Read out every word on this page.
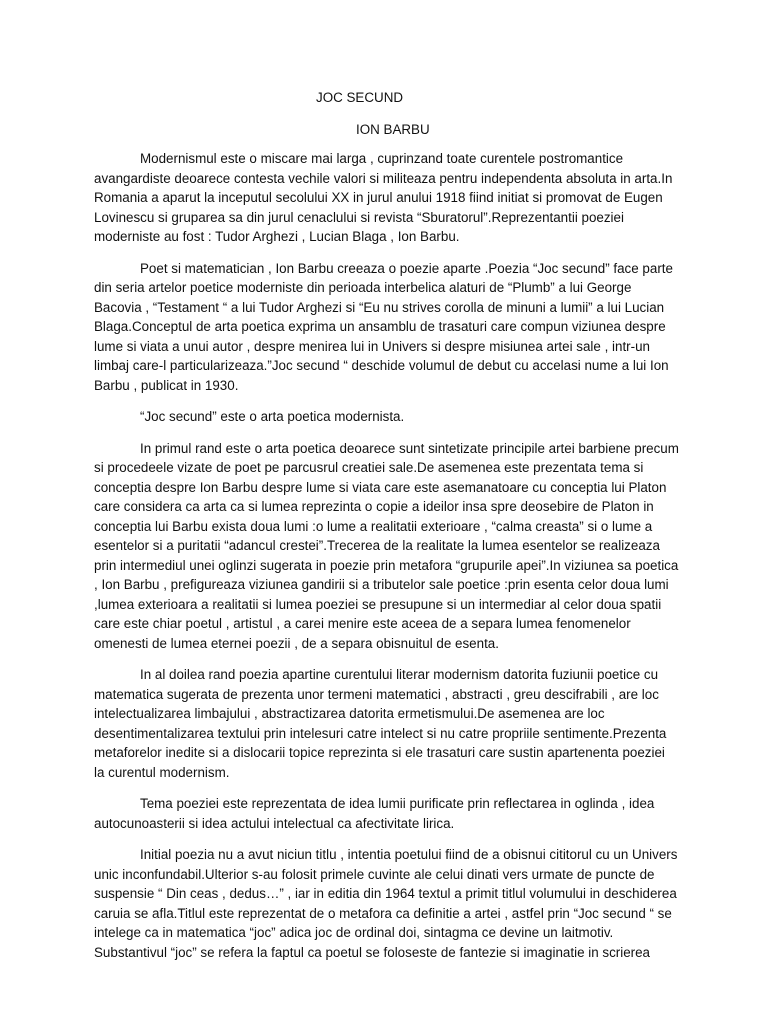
JOC SECUND
ION BARBU

Modernismul este o miscare mai larga , cuprinzand toate curentele postromantice avangardiste deoarece contesta vechile valori si militeaza pentru independenta absoluta in arta.In Romania a aparut la inceputul secolului XX in jurul anului 1918 fiind initiat si promovat de Eugen Lovinescu si gruparea sa din jurul cenaclului si revista “Sburatorul”.Reprezentantii poeziei moderniste au fost : Tudor Arghezi , Lucian Blaga , Ion Barbu.

Poet si matematician , Ion Barbu creeaza o poezie aparte .Poezia “Joc secund” face parte din seria artelor poetice moderniste din perioada interbelica alaturi de “Plumb” a lui George Bacovia , “Testament “ a lui Tudor Arghezi si “Eu nu strives corolla de minuni a lumii” a lui Lucian Blaga.Conceptul de arta poetica exprima un ansamblu de trasaturi care compun viziunea despre lume si viata a unui autor , despre menirea lui in Univers si despre misiunea artei sale , intr-un limbaj care-l particularizeaza.”Joc secund “ deschide volumul de debut cu accelasi nume a lui Ion Barbu , publicat in 1930.

“Joc secund” este o arta poetica modernista.

In primul rand este o arta poetica deoarece sunt sintetizate principile artei barbiene precum si procedeele vizate de poet pe parcusrul creatiei sale.De asemenea este prezentata tema si conceptia despre Ion Barbu despre lume si viata care este asemanatoare cu conceptia lui Platon care considera ca arta ca si lumea reprezinta o copie a ideilor insa spre deosebire de Platon in conceptia lui Barbu exista doua lumi :o lume a realitatii exterioare , “calma creasta” si o lume a esentelor si a puritatii “adancul crestei”.Trecerea de la realitate la lumea esentelor se realizeaza prin intermediul unei oglinzi sugerata in poezie prin metafora “grupurile apei”.In viziunea sa poetica , Ion Barbu , prefigureaza viziunea gandirii si a tributelor sale poetice :prin esenta celor doua lumi ,lumea exterioara a realitatii si lumea poeziei se presupune si un intermediar al celor doua spatii care este chiar poetul , artistul , a carei menire este aceea de a separa lumea fenomenelor omenesti de lumea eternei poezii , de a separa obisnuitul de esenta.

In al doilea rand poezia apartine curentului literar modernism datorita fuziunii poetice cu matematica sugerata de prezenta unor termeni matematici , abstracti , greu descifrabili , are loc intelectualizarea limbajului , abstractizarea datorita ermetismului.De asemenea are loc desentimentalizarea textului prin intelesuri catre intelect si nu catre propriile sentimente.Prezenta metaforelor inedite si a dislocarii topice reprezinta si ele trasaturi care sustin apartenenta poeziei la curentul modernism.

Tema poeziei este reprezentata de idea lumii purificate prin reflectarea in oglinda , idea autocunoasterii si idea actului intelectual ca afectivitate lirica.

Initial poezia nu a avut niciun titlu , intentia poetului fiind de a obisnui cititorul cu un Univers unic inconfundabil.Ulterior s-au folosit primele cuvinte ale celui dinati vers urmate de puncte de suspensie “ Din ceas , dedus…” , iar in editia din 1964 textul a primit titlul volumului in deschiderea caruia se afla.Titlul este reprezentat de o metafora ca definitie a artei , astfel prin “Joc secund “ se intelege ca in matematica “joc” adica joc de ordinal doi, sintagma ce devine un laitmotiv. Substantivul “joc” se refera la faptul ca poetul se foloseste de fantezie si imaginatie in scrierea
